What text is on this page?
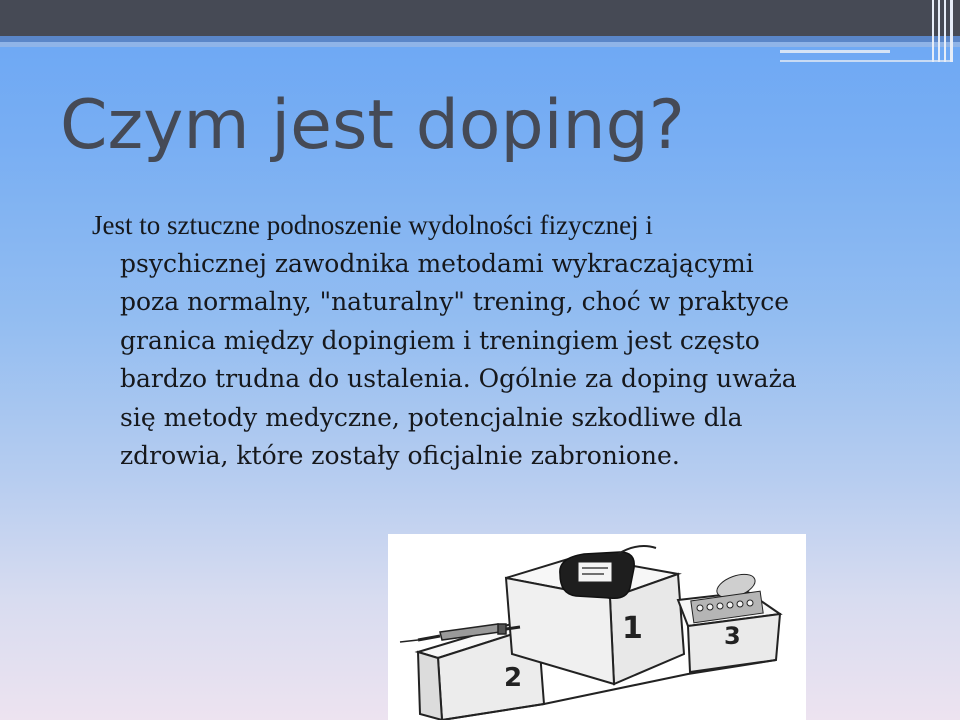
Czym jest doping?
Jest to sztuczne podnoszenie wydolności fizycznej i
psychicznej zawodnika metodami wykraczającymi
poza normalny, "naturalny" trening, choć w praktyce
granica między dopingiem i treningiem jest często
bardzo trudna do ustalenia. Ogólnie za doping uważa
się metody medyczne, potencjalnie szkodliwe dla
zdrowia, które zostały oficjalnie zabronione.
1
2
3
